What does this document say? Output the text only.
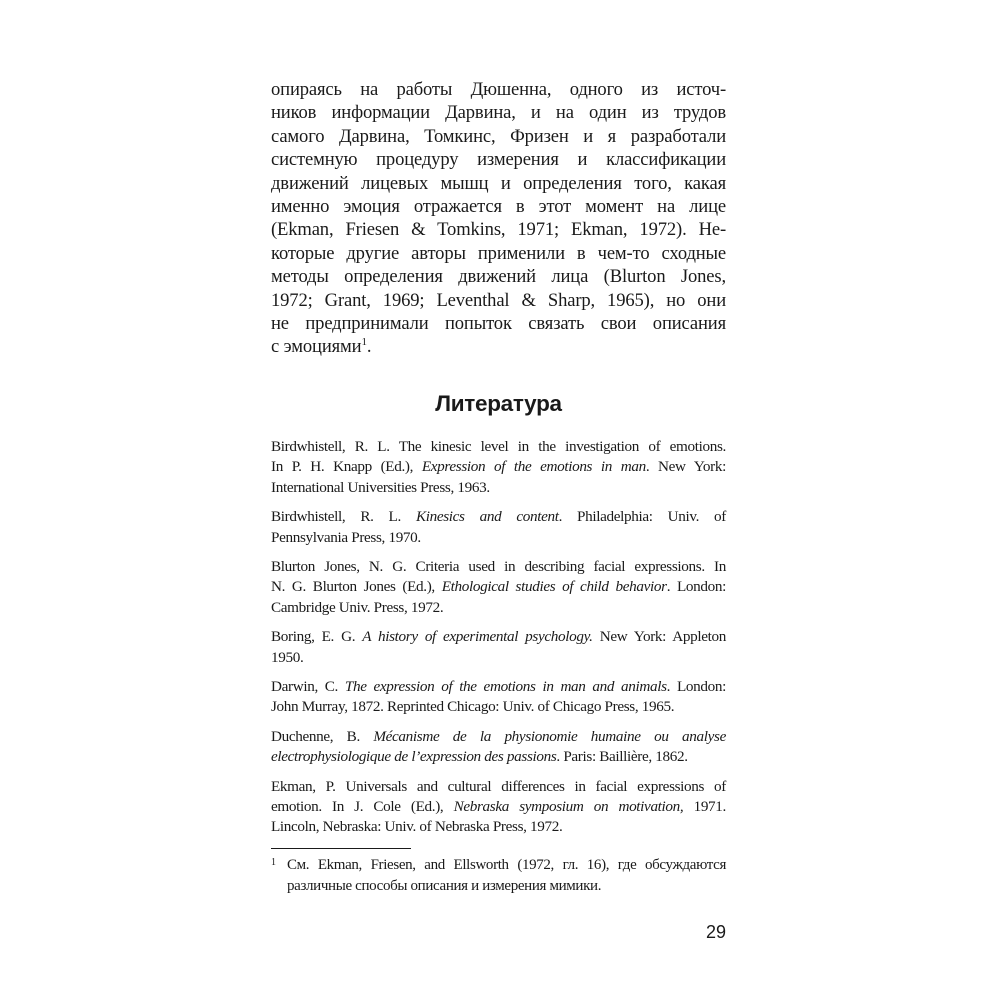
опираясь на работы Дюшенна, одного из источ-
ников информации Дарвина, и на один из трудов
самого Дарвина, Томкинс, Фризен и я разработали
системную процедуру измерения и классификации
движений лицевых мышц и определения того, какая
именно эмоция отражается в этот момент на лице
(Ekman, Friesen & Tomkins, 1971; Ekman, 1972). Не-
которые другие авторы применили в чем-то сходные
методы определения движений лица (Blurton Jones,
1972; Grant, 1969; Leventhal & Sharp, 1965), но они
не предпринимали попыток связать свои описания
с эмоциями$^1$.

Литература
Birdwhistell, R. L. The kinesic level in the investigation of emotions.
In P. H. Knapp (Ed.), Expression of the emotions in man. New York:
International Universities Press, 1963.
Birdwhistell, R. L. Kinesics and content. Philadelphia: Univ. of
Pennsylvania Press, 1970.
Blurton Jones, N. G. Criteria used in describing facial expressions. In
N. G. Blurton Jones (Ed.), Ethological studies of child behavior. London:
Cambridge Univ. Press, 1972.
Boring, E. G. A history of experimental psychology. New York: Appleton
1950.
Darwin, C. The expression of the emotions in man and animals. London:
John Murray, 1872. Reprinted Chicago: Univ. of Chicago Press, 1965.
Duchenne, B. Mécanisme de la physionomie humaine ou analyse
electrophysiologique de l’expression des passions. Paris: Baillière, 1862.
Ekman, P. Universals and cultural differences in facial expressions of
emotion. In J. Cole (Ed.), Nebraska symposium on motivation, 1971.
Lincoln, Nebraska: Univ. of Nebraska Press, 1972.
1 См. Ekman, Friesen, and Ellsworth (1972, гл. 16), где обсуждаются
различные способы описания и измерения мимики.
29
